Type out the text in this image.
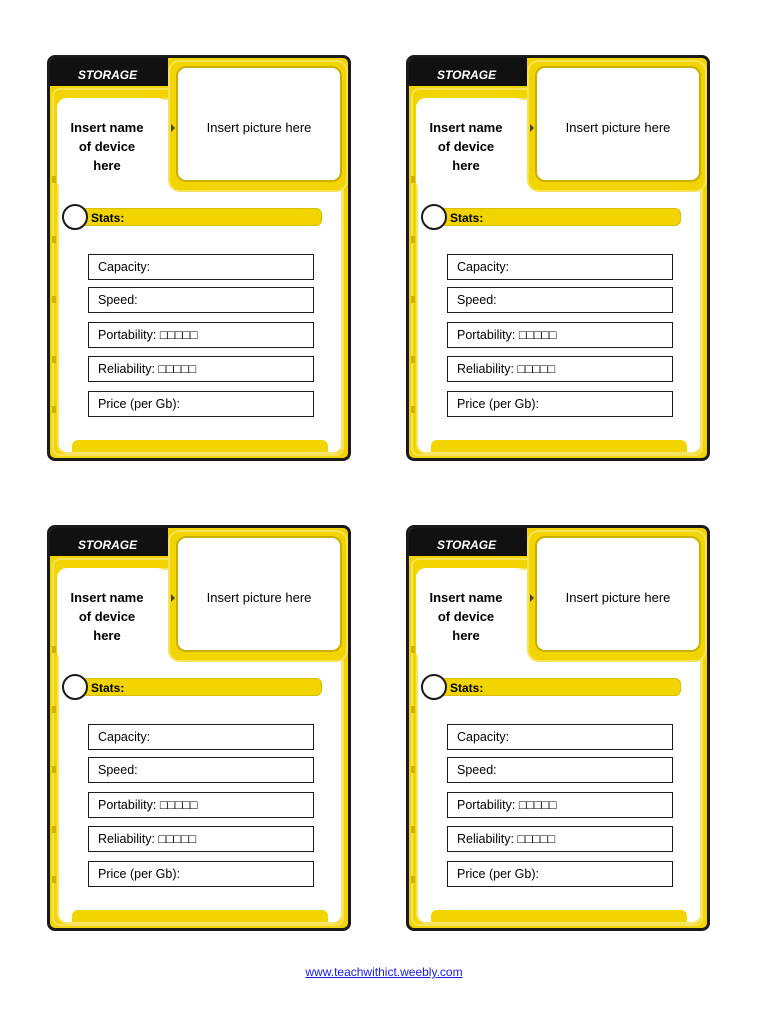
STORAGE
Insert name of device here
Insert picture here
Stats:
Capacity:
Speed:
Portability: □□□□□
Reliability: □□□□□
Price (per Gb):
STORAGE
Insert name of device here
Insert picture here
Stats:
Capacity:
Speed:
Portability: □□□□□
Reliability: □□□□□
Price (per Gb):
STORAGE
Insert name of device here
Insert picture here
Stats:
Capacity:
Speed:
Portability: □□□□□
Reliability: □□□□□
Price (per Gb):
STORAGE
Insert name of device here
Insert picture here
Stats:
Capacity:
Speed:
Portability: □□□□□
Reliability: □□□□□
Price (per Gb):
www.teachwithict.weebly.com
